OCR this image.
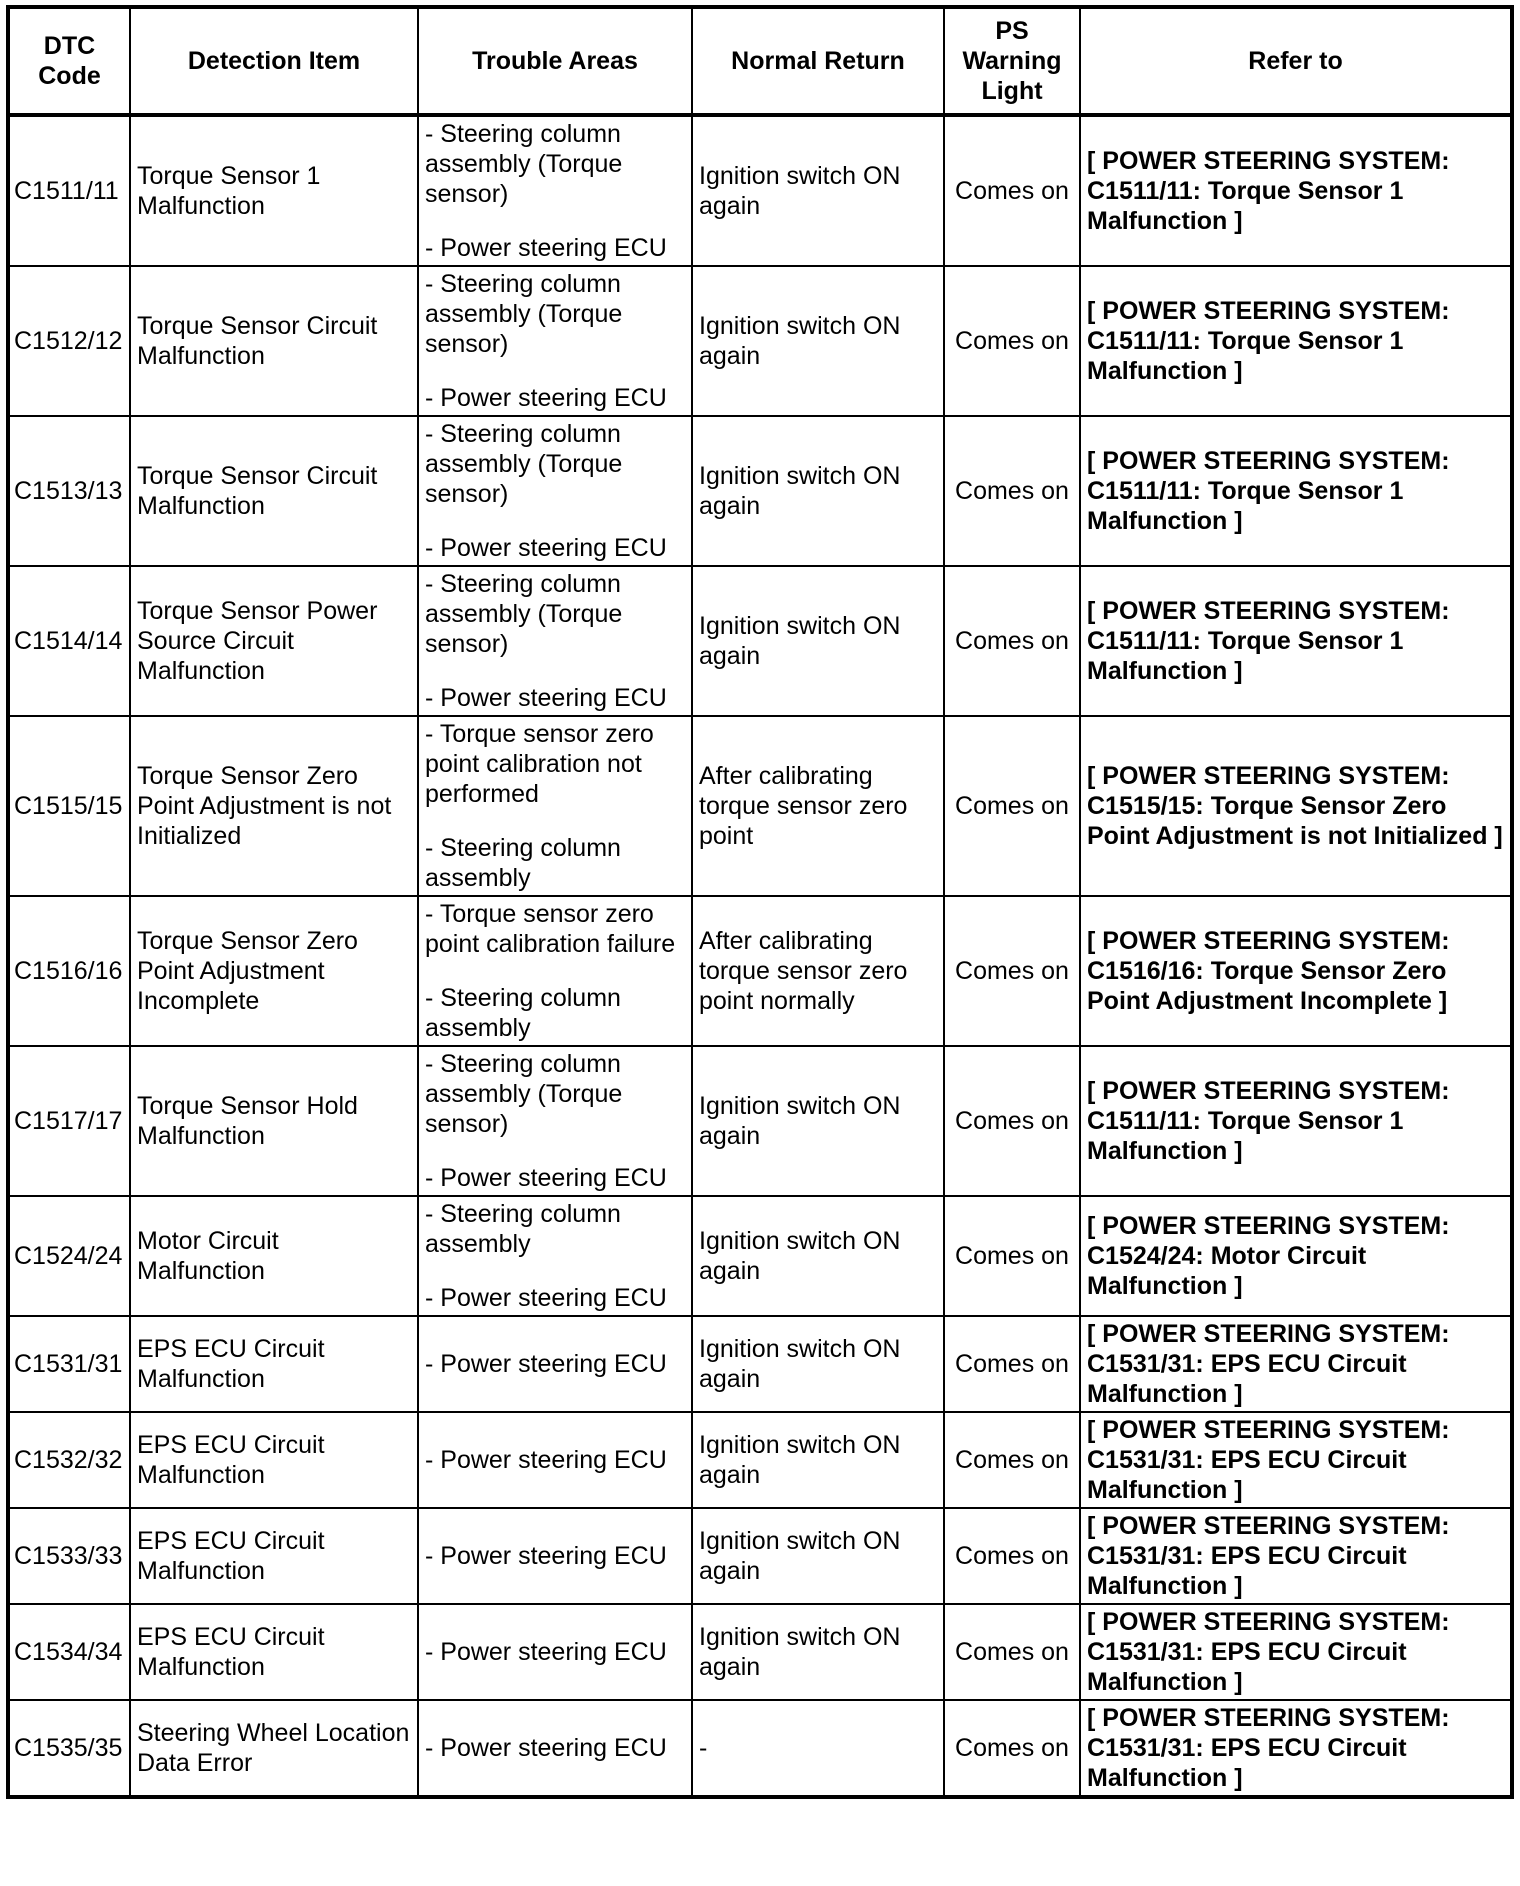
DTC
Code	Detection Item	Trouble Areas	Normal Return	PS
Warning
Light	Refer to
C1511/11	Torque Sensor 1 Malfunction	- Steering column assembly (Torque sensor)
- Power steering ECU	Ignition switch ON again	Comes on	[ POWER STEERING SYSTEM: C1511/11: Torque Sensor 1 Malfunction ]
C1512/12	Torque Sensor Circuit Malfunction	- Steering column assembly (Torque sensor)
- Power steering ECU	Ignition switch ON again	Comes on	[ POWER STEERING SYSTEM: C1511/11: Torque Sensor 1 Malfunction ]
C1513/13	Torque Sensor Circuit Malfunction	- Steering column assembly (Torque sensor)
- Power steering ECU	Ignition switch ON again	Comes on	[ POWER STEERING SYSTEM: C1511/11: Torque Sensor 1 Malfunction ]
C1514/14	Torque Sensor Power Source Circuit Malfunction	- Steering column assembly (Torque sensor)
- Power steering ECU	Ignition switch ON again	Comes on	[ POWER STEERING SYSTEM: C1511/11: Torque Sensor 1 Malfunction ]
C1515/15	Torque Sensor Zero Point Adjustment is not Initialized	- Torque sensor zero point calibration not performed
- Steering column assembly	After calibrating torque sensor zero point	Comes on	[ POWER STEERING SYSTEM: C1515/15: Torque Sensor Zero Point Adjustment is not Initialized ]
C1516/16	Torque Sensor Zero Point Adjustment Incomplete	- Torque sensor zero point calibration failure
- Steering column assembly	After calibrating torque sensor zero point normally	Comes on	[ POWER STEERING SYSTEM: C1516/16: Torque Sensor Zero Point Adjustment Incomplete ]
C1517/17	Torque Sensor Hold Malfunction	- Steering column assembly (Torque sensor)
- Power steering ECU	Ignition switch ON again	Comes on	[ POWER STEERING SYSTEM: C1511/11: Torque Sensor 1 Malfunction ]
C1524/24	Motor Circuit Malfunction	- Steering column assembly
- Power steering ECU	Ignition switch ON again	Comes on	[ POWER STEERING SYSTEM: C1524/24: Motor Circuit Malfunction ]
C1531/31	EPS ECU Circuit Malfunction	- Power steering ECU	Ignition switch ON again	Comes on	[ POWER STEERING SYSTEM: C1531/31: EPS ECU Circuit Malfunction ]
C1532/32	EPS ECU Circuit Malfunction	- Power steering ECU	Ignition switch ON again	Comes on	[ POWER STEERING SYSTEM: C1531/31: EPS ECU Circuit Malfunction ]
C1533/33	EPS ECU Circuit Malfunction	- Power steering ECU	Ignition switch ON again	Comes on	[ POWER STEERING SYSTEM: C1531/31: EPS ECU Circuit Malfunction ]
C1534/34	EPS ECU Circuit Malfunction	- Power steering ECU	Ignition switch ON again	Comes on	[ POWER STEERING SYSTEM: C1531/31: EPS ECU Circuit Malfunction ]
C1535/35	Steering Wheel Location Data Error	- Power steering ECU	-	Comes on	[ POWER STEERING SYSTEM: C1531/31: EPS ECU Circuit Malfunction ]
